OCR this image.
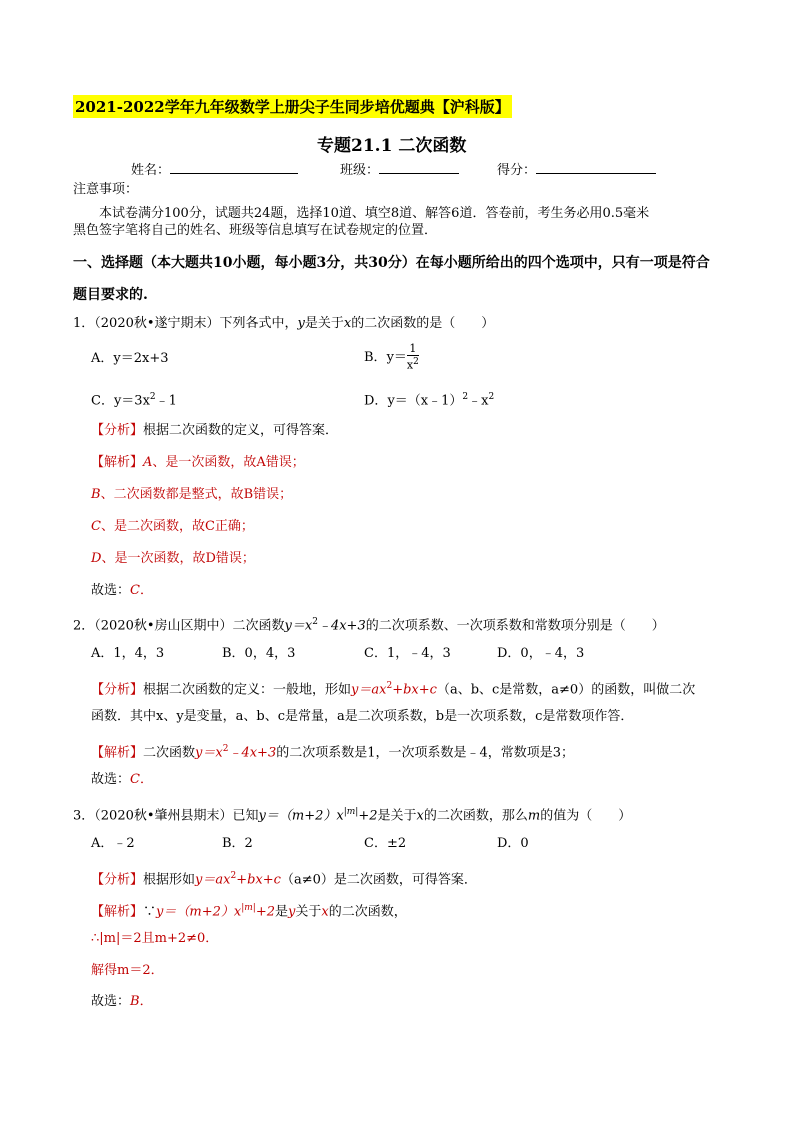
2021-2022学年九年级数学上册尖子生同步培优题典【沪科版】
专题21.1 二次函数
姓名：	班级：	得分：
注意事项：
本试卷满分100分，试题共24题，选择10道、填空8道、解答6道．答卷前，考生务必用0.5毫米
黑色签字笔将自己的姓名、班级等信息填写在试卷规定的位置．
一、选择题（本大题共10小题，每小题3分，共30分）在每小题所给出的四个选项中，只有一项是符合
题目要求的.
1．（2020秋•遂宁期末）下列各式中，y是关于x的二次函数的是（　　）
A．y＝2x+3	B．$y= \frac{1}{x^2}$
C．$y=3x^2﹣1$	D．$y=(x﹣1)^2﹣x^2$
【分析】根据二次函数的定义，可得答案．
【解析】A、是一次函数，故A错误；
B、二次函数都是整式，故B错误；
C、是二次函数，故C正确；
D、是一次函数，故D错误；
故选：C．
2．（2020秋•房山区期中）二次函数$y=x^2﹣4x+3$的二次项系数、一次项系数和常数项分别是（　　）
A．1，4，3	B．0，4，3	C．1，﹣4，3	D．0，﹣4，3
【分析】根据二次函数的定义：一般地，形如$y=ax^2+bx+c(a$、b、c是常数，a≠0）的函数，叫做二次
函数．其中x、y是变量，a、b、c是常量，a是二次项系数，b是一次项系数，c是常数项作答．
【解析】二次函数$y=x^2﹣4x+3$的二次项系数是1，一次项系数是﹣4，常数项是3；
故选：C．
3．（2020秋•肇州县期末）已知$y=(m+2)x^{|m|}+2$是关于x的二次函数，那么m的值为（　　）
A．﹣2	B．2	C．±2	D．0
【分析】根据形如$y=ax^2+bx+c(a\ne 0)$是二次函数，可得答案．
【解析】$\because y=(m+2)x^{|m|}+2$是y关于x的二次函数，
∴|m|＝2且m+2≠0．
解得m＝2．
故选：B．
